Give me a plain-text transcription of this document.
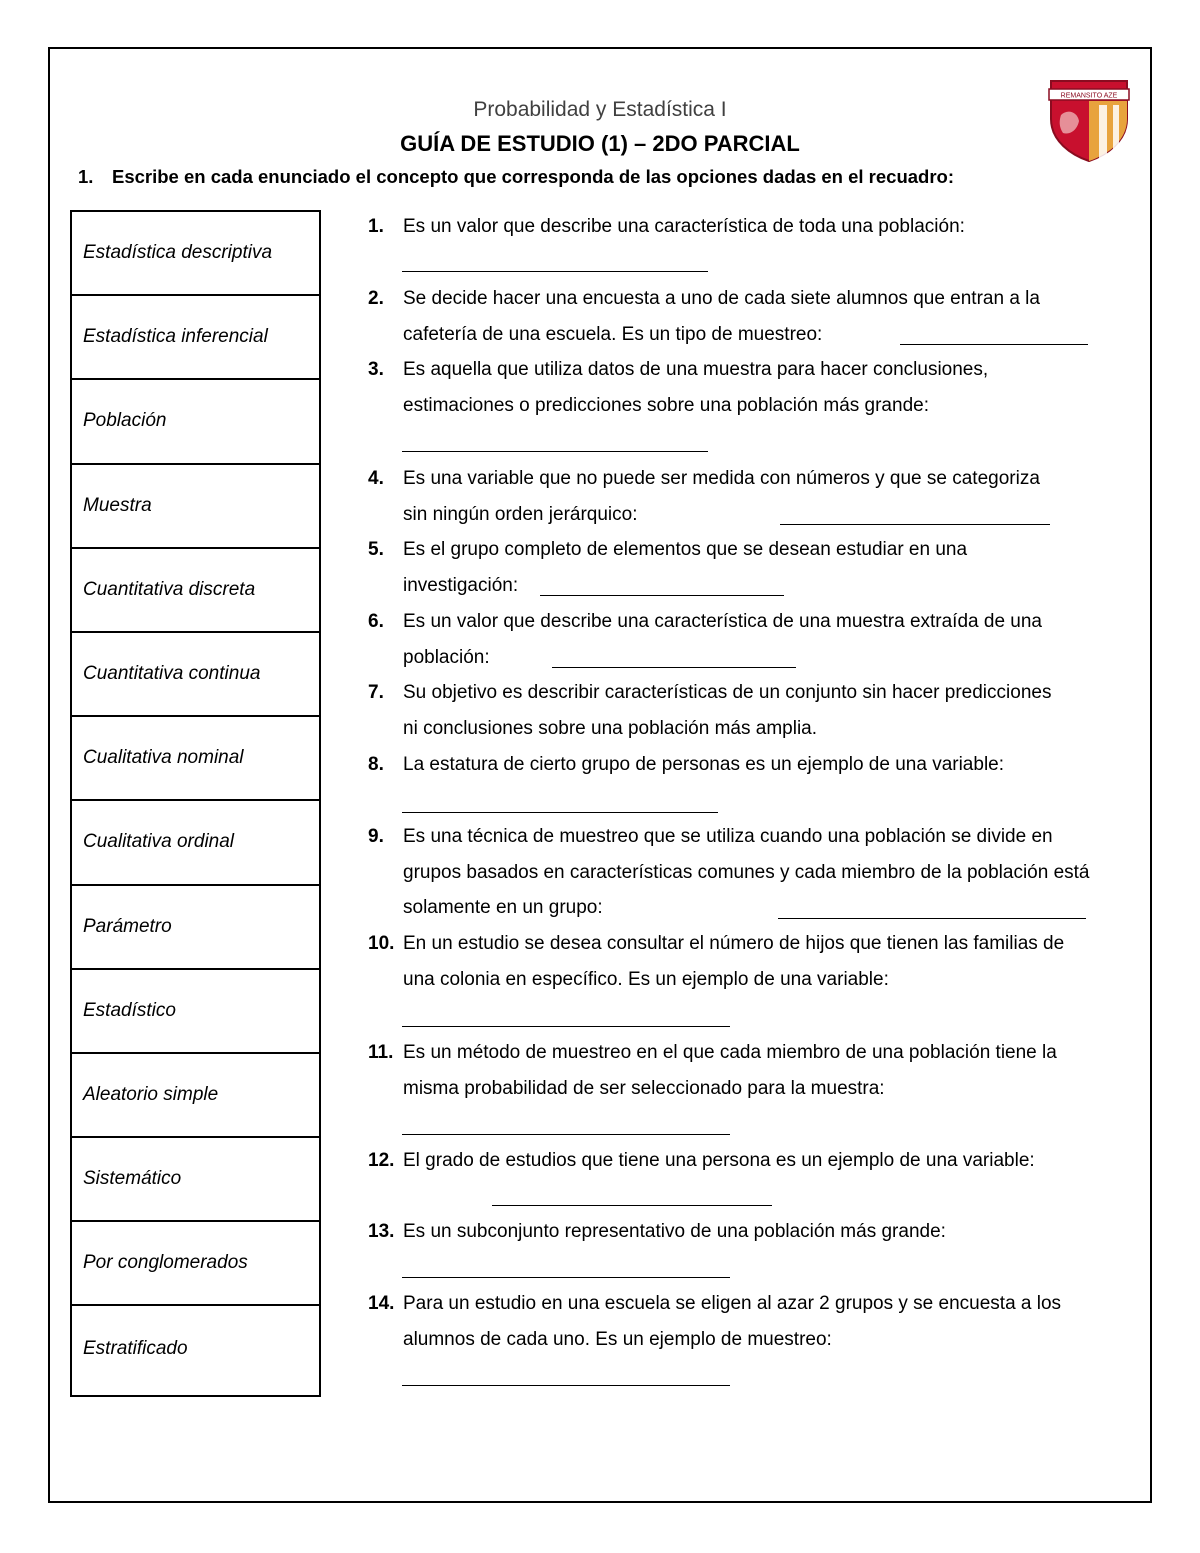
Probabilidad y Estadística I
GUÍA DE ESTUDIO (1) – 2DO PARCIAL
REMANSITO AZE
1. Escribe en cada enunciado el concepto que corresponda de las opciones dadas en el recuadro:
Estadística descriptiva
Estadística inferencial
Población
Muestra
Cuantitativa discreta
Cuantitativa continua
Cualitativa nominal
Cualitativa ordinal
Parámetro
Estadístico
Aleatorio simple
Sistemático
Por conglomerados
Estratificado
1. Es un valor que describe una característica de toda una población:
2. Se decide hacer una encuesta a uno de cada siete alumnos que entran a la cafetería de una escuela. Es un tipo de muestreo:
3. Es aquella que utiliza datos de una muestra para hacer conclusiones, estimaciones o predicciones sobre una población más grande:
4. Es una variable que no puede ser medida con números y que se categoriza sin ningún orden jerárquico:
5. Es el grupo completo de elementos que se desean estudiar en una investigación:
6. Es un valor que describe una característica de una muestra extraída de una población:
7. Su objetivo es describir características de un conjunto sin hacer predicciones ni conclusiones sobre una población más amplia.
8. La estatura de cierto grupo de personas es un ejemplo de una variable:
9. Es una técnica de muestreo que se utiliza cuando una población se divide en grupos basados en características comunes y cada miembro de la población está solamente en un grupo:
10. En un estudio se desea consultar el número de hijos que tienen las familias de una colonia en específico. Es un ejemplo de una variable:
11. Es un método de muestreo en el que cada miembro de una población tiene la misma probabilidad de ser seleccionado para la muestra:
12. El grado de estudios que tiene una persona es un ejemplo de una variable:
13. Es un subconjunto representativo de una población más grande:
14. Para un estudio en una escuela se eligen al azar 2 grupos y se encuesta a los alumnos de cada uno. Es un ejemplo de muestreo:
